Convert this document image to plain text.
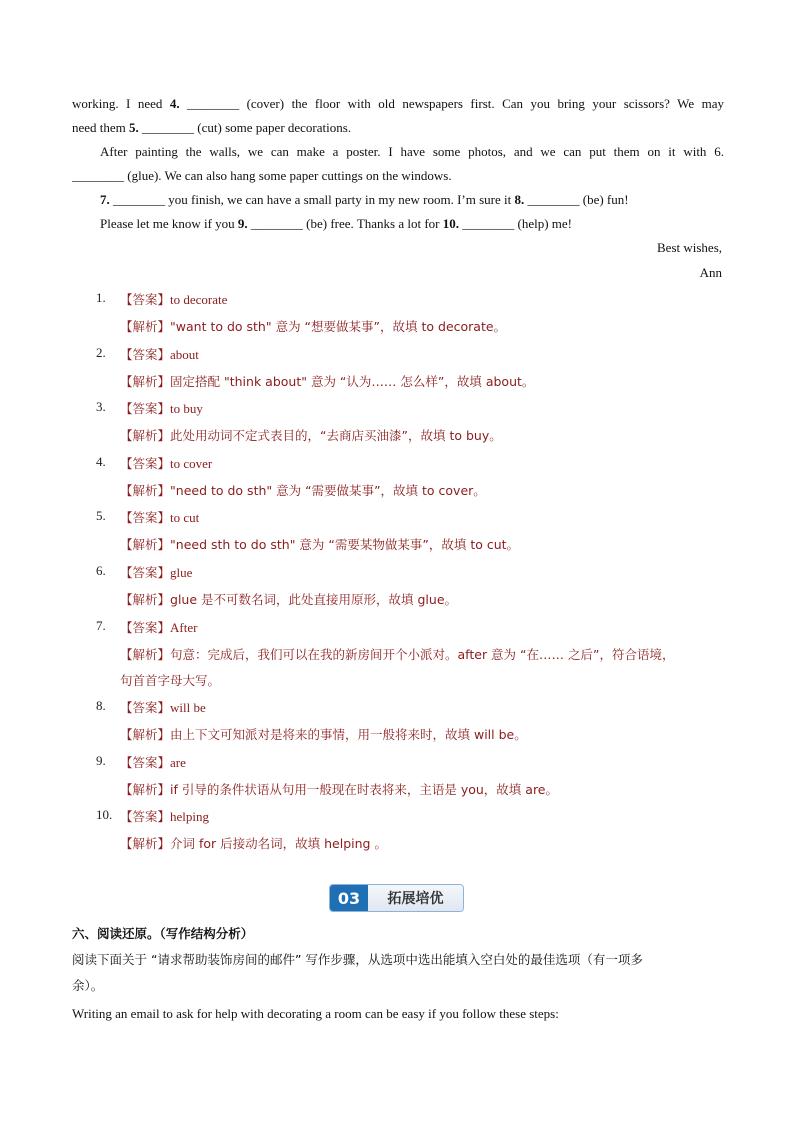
working. I need 4. ________ (cover) the floor with old newspapers first. Can you bring your scissors? We may
need them 5. ________ (cut) some paper decorations.
After painting the walls, we can make a poster. I have some photos, and we can put them on it with 6.
________ (glue). We can also hang some paper cuttings on the windows.
7. ________ you finish, we can have a small party in my new room. I’m sure it 8. ________ (be) fun!
Please let me know if you 9. ________ (be) free. Thanks a lot for 10. ________ (help) me!
Best wishes,
Ann
1. 【答案】to decorate
【解析】"want to do sth" 意为 “想要做某事”，故填 to decorate。
2. 【答案】about
【解析】固定搭配 "think about" 意为 “认为…… 怎么样”，故填 about。
3. 【答案】to buy
【解析】此处用动词不定式表目的，“去商店买油漆”，故填 to buy。
4. 【答案】to cover
【解析】"need to do sth" 意为 “需要做某事”，故填 to cover。
5. 【答案】to cut
【解析】"need sth to do sth" 意为 “需要某物做某事”，故填 to cut。
6. 【答案】glue
【解析】glue 是不可数名词，此处直接用原形，故填 glue。
7. 【答案】After
【解析】句意：完成后，我们可以在我的新房间开个小派对。after 意为 “在…… 之后”，符合语境，
句首首字母大写。
8. 【答案】will be
【解析】由上下文可知派对是将来的事情，用一般将来时，故填 will be。
9. 【答案】are
【解析】if 引导的条件状语从句用一般现在时表将来，主语是 you，故填 are。
10. 【答案】helping
【解析】介词 for 后接动名词，故填 helping 。
03	拓展培优
六、阅读还原。（写作结构分析）
阅读下面关于 “请求帮助装饰房间的邮件” 写作步骤，从选项中选出能填入空白处的最佳选项（有一项多
余）。
Writing an email to ask for help with decorating a room can be easy if you follow these steps:
